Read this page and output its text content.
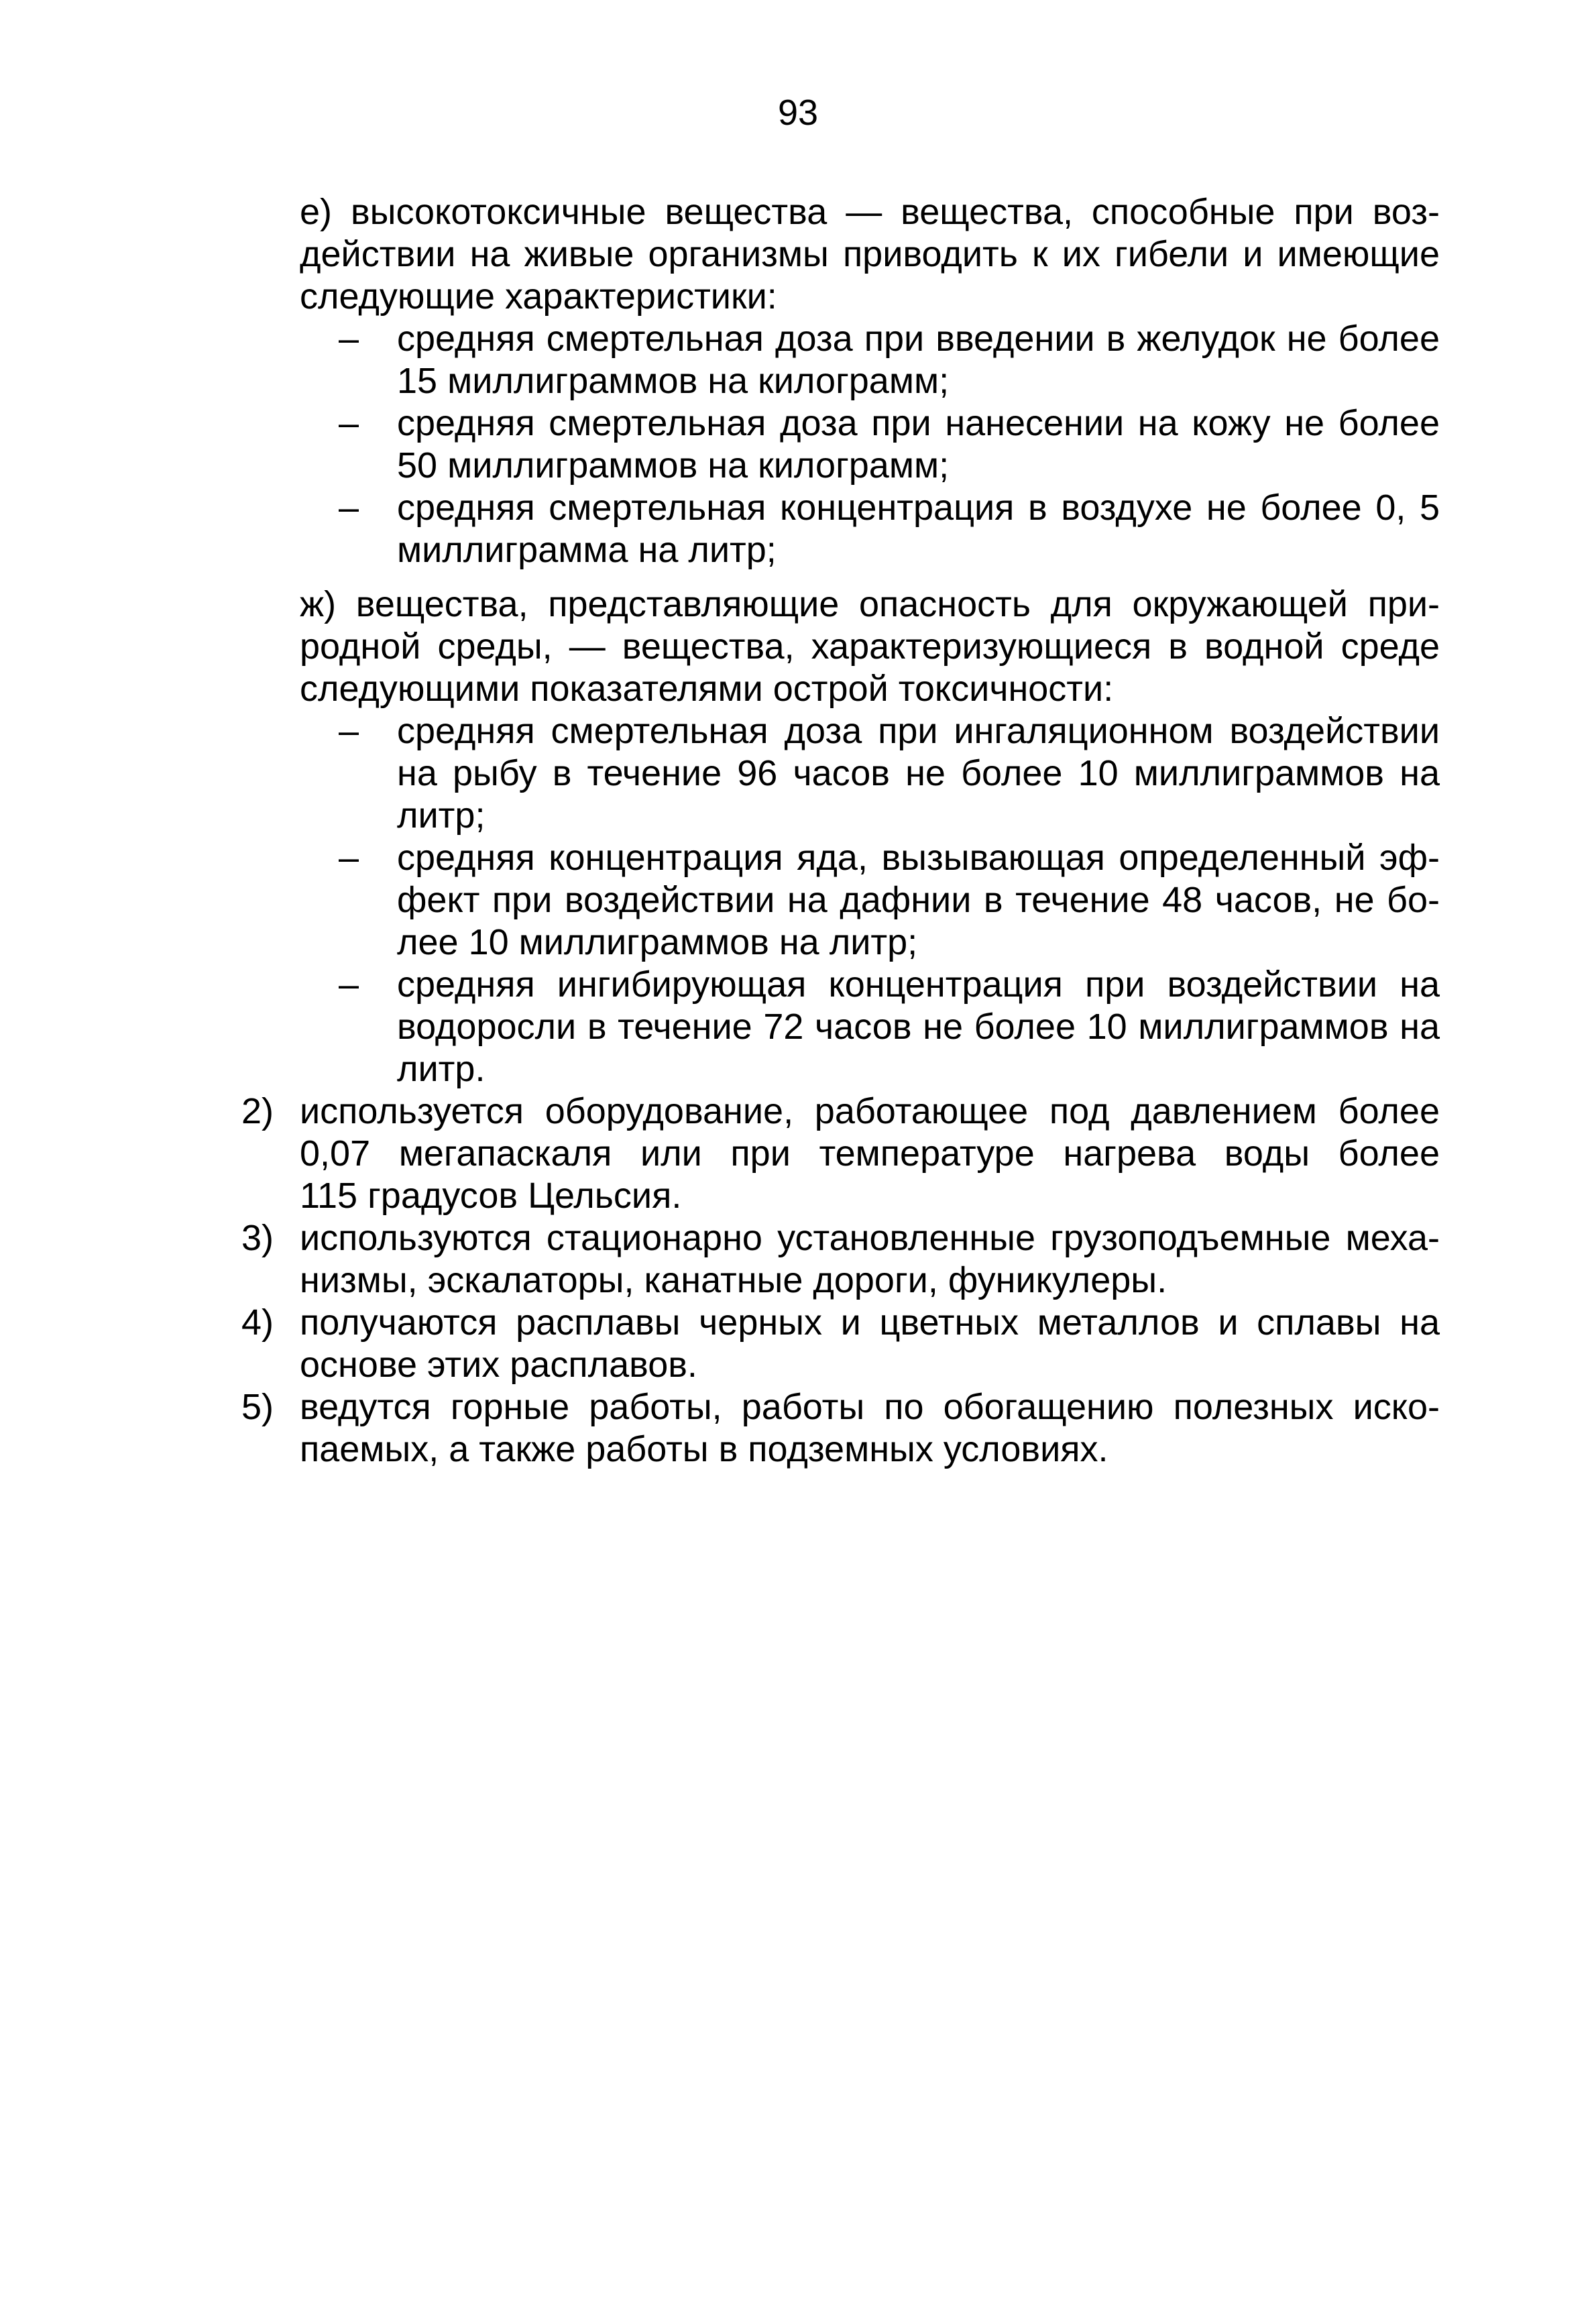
93
е) высокотоксичные вещества — вещества, способные при воз-
действии на живые организмы приводить к их гибели и имеющие
следующие характеристики:
– средняя смертельная доза при введении в желудок не более
15 миллиграммов на килограмм;
– средняя смертельная доза при нанесении на кожу не более
50 миллиграммов на килограмм;
– средняя смертельная концентрация в воздухе не более 0, 5
миллиграмма на литр;
ж) вещества, представляющие опасность для окружающей при-
родной среды, — вещества, характеризующиеся в водной среде
следующими показателями острой токсичности:
– средняя смертельная доза при ингаляционном воздействии
на рыбу в течение 96 часов не более 10 миллиграммов на
литр;
– средняя концентрация яда, вызывающая определенный эф-
фект при воздействии на дафнии в течение 48 часов, не бо-
лее 10 миллиграммов на литр;
– средняя ингибирующая концентрация при воздействии на
водоросли в течение 72 часов не более 10 миллиграммов на
литр.
2) используется оборудование, работающее под давлением более
0,07 мегапаскаля или при температуре нагрева воды более
115 градусов Цельсия.
3) используются стационарно установленные грузоподъемные меха-
низмы, эскалаторы, канатные дороги, фуникулеры.
4) получаются расплавы черных и цветных металлов и сплавы на
основе этих расплавов.
5) ведутся горные работы, работы по обогащению полезных иско-
паемых, а также работы в подземных условиях.
